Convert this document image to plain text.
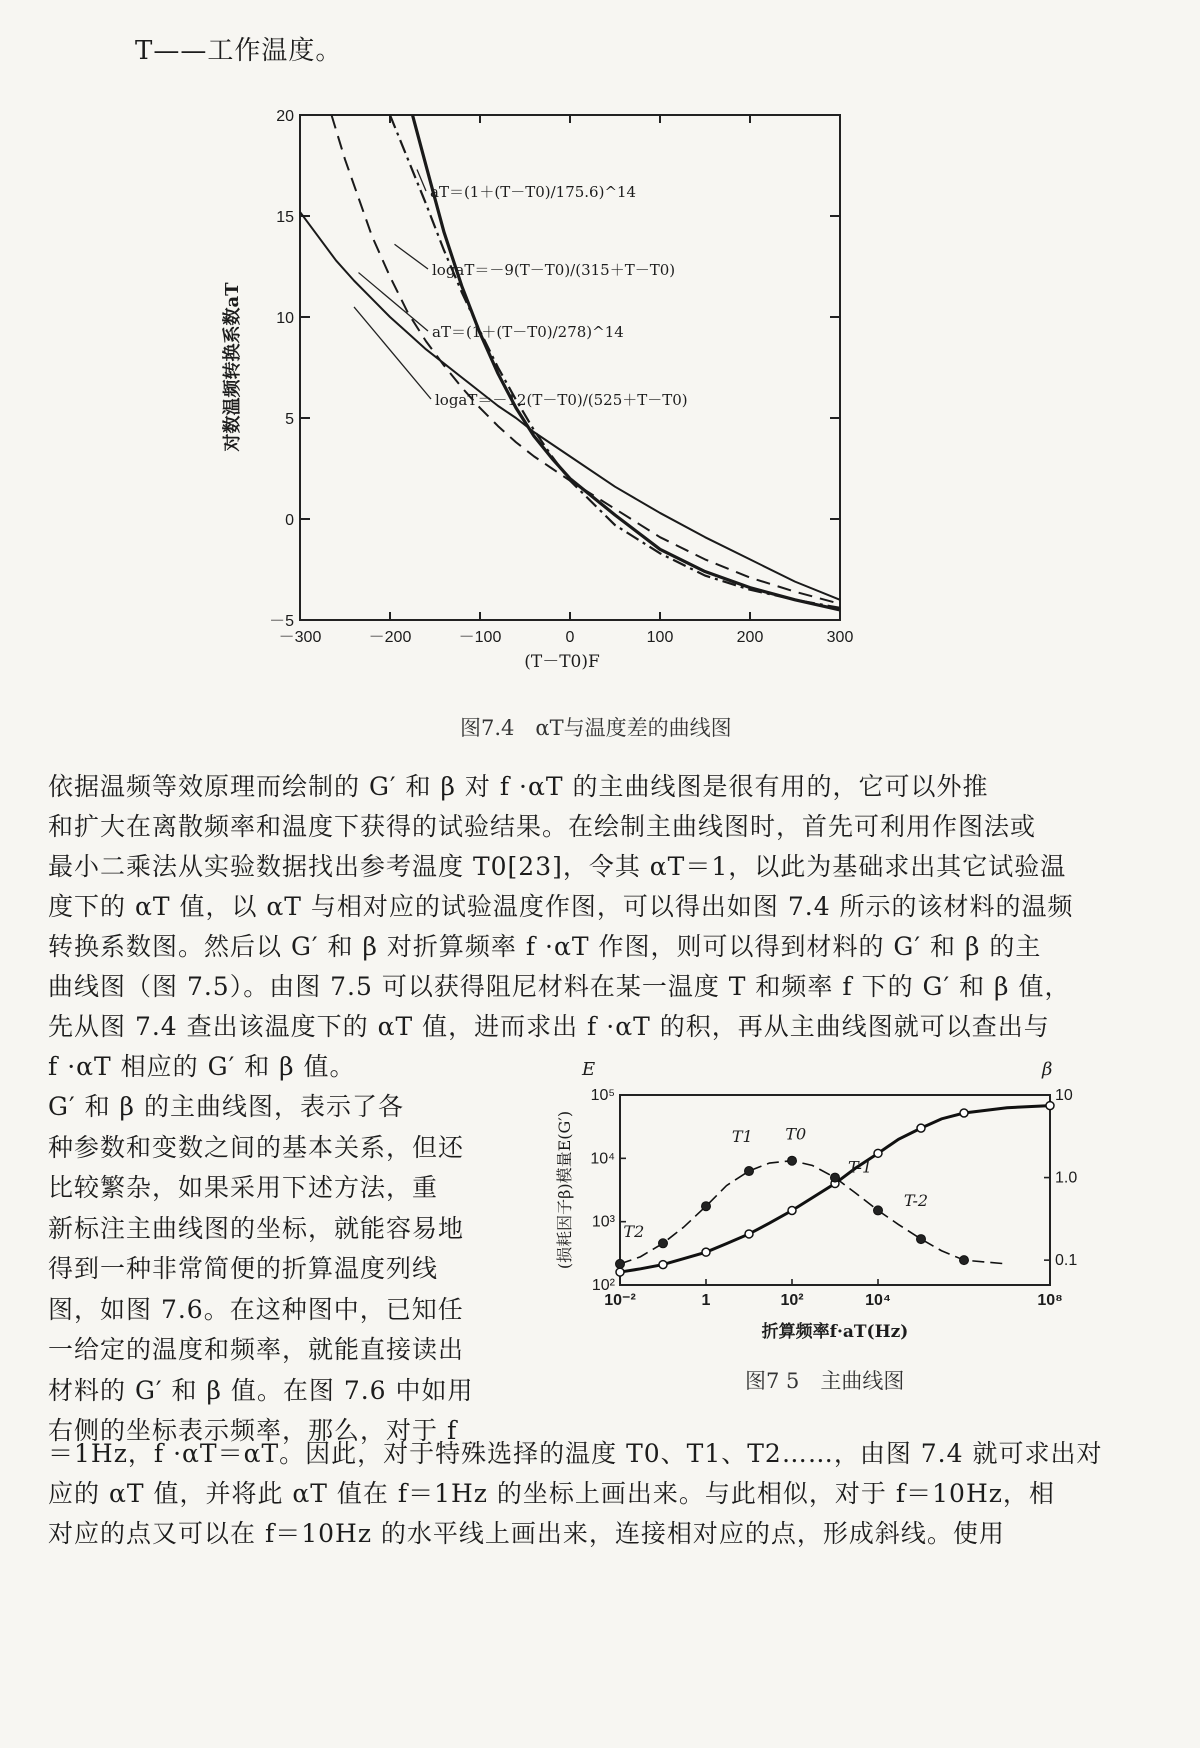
T——工作温度。
－300	－200	－100	0	100	200	300
－5
0
5
10
15
20
aT＝(1＋(T－T0)/175.6)^14
logaT＝－9(T－T0)/(315＋T－T0)
aT＝(1＋(T－T0)/278)^14
logaT＝－12(T－T0)/(525＋T－T0)
(T－T0)F
对数温频转换系数aT
图7.4　αT与温度差的曲线图
依据温频等效原理而绘制的 G′ 和 β 对 f ·αT 的主曲线图是很有用的，它可以外推
和扩大在离散频率和温度下获得的试验结果。在绘制主曲线图时，首先可利用作图法或
最小二乘法从实验数据找出参考温度 T0[23]，令其 αT＝1，以此为基础求出其它试验温
度下的 αT 值，以 αT 与相对应的试验温度作图，可以得出如图 7.4 所示的该材料的温频
转换系数图。然后以 G′ 和 β 对折算频率 f ·αT 作图，则可以得到材料的 G′ 和 β 的主
曲线图（图 7.5）。由图 7.5 可以获得阻尼材料在某一温度 T 和频率 f 下的 G′ 和 β 值，
先从图 7.4 查出该温度下的 αT 值，进而求出 f ·αT 的积，再从主曲线图就可以查出与
f ·αT 相应的 G′ 和 β 值。
G′ 和 β 的主曲线图，表示了各
种参数和变数之间的基本关系，但还
比较繁杂，如果采用下述方法，重
新标注主曲线图的坐标，就能容易地
得到一种非常简便的折算温度列线
图，如图 7.6。在这种图中，已知任
一给定的温度和频率，就能直接读出
材料的 G′ 和 β 值。在图 7.6 中如用
右侧的坐标表示频率，那么，对于 f
10⁻²	1	10²	10⁴	10⁸
10²
10³
10⁴
10⁵
0.1
1.0
10
T2
T1 T0
T-1
T-2
E	β
(损耗因子β)模量E(G′)
折算频率f·aT(Hz)
图7 5　主曲线图
＝1Hz，f ·αT＝αT。因此，对于特殊选择的温度 T0、T1、T2……，由图 7.4 就可求出对
应的 αT 值，并将此 αT 值在 f＝1Hz 的坐标上画出来。与此相似，对于 f＝10Hz，相
对应的点又可以在 f＝10Hz 的水平线上画出来，连接相对应的点，形成斜线。使用
